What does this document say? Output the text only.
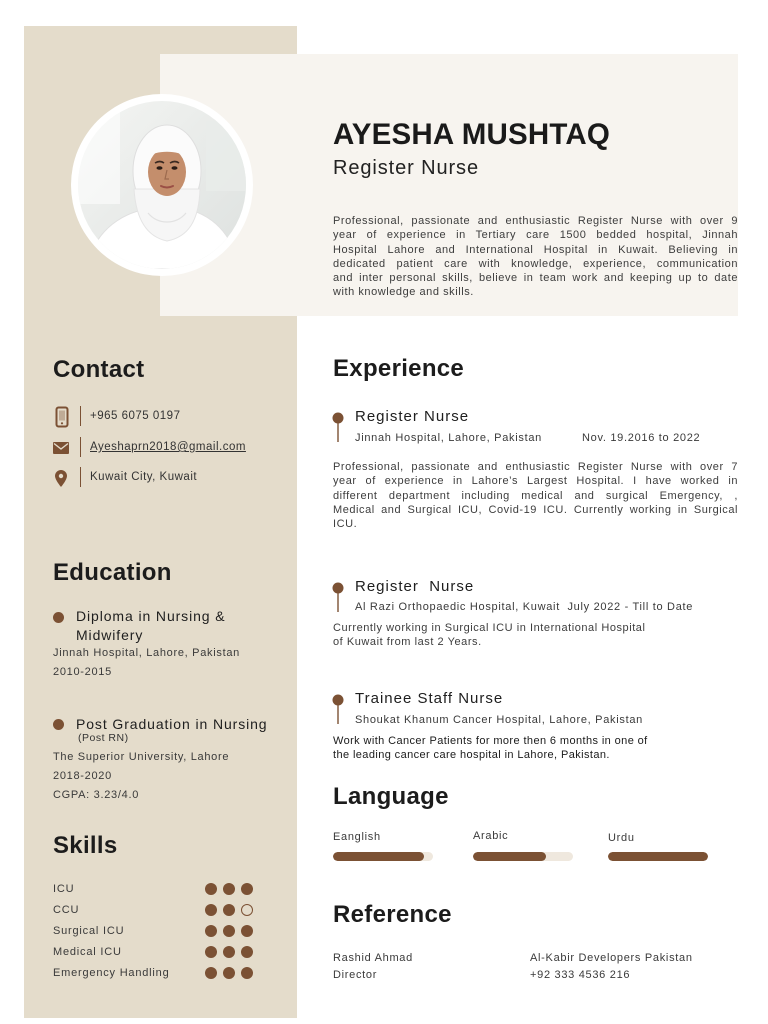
AYESHA MUSHTAQ
Register Nurse
Professional, passionate and enthusiastic Register Nurse with over 9
year of experience in Tertiary care 1500 bedded hospital, Jinnah
Hospital Lahore and International Hospital in Kuwait. Believing in
dedicated patient care with knowledge, experience, communication
and inter personal skills, believe in team work and keeping up to date
with knowledge and skills.
Contact
+965 6075 0197
Ayeshaprn2018@gmail.com
Kuwait City, Kuwait
Education
Diploma in Nursing &
Midwifery
Jinnah Hospital, Lahore, Pakistan
2010-2015
Post Graduation in Nursing
(Post RN)
The Superior University, Lahore
2018-2020
CGPA: 3.23/4.0
Skills
ICU
CCU
Surgical ICU
Medical ICU
Emergency Handling
Experience
Register Nurse
Jinnah Hospital, Lahore, Pakistan	Nov. 19.2016 to 2022
Professional, passionate and enthusiastic Register Nurse with over 7
year of experience in Lahore’s Largest Hospital. I have worked in
different department including medical and surgical Emergency, ,
Medical and Surgical ICU, Covid-19 ICU. Currently working in Surgical
ICU.
Register  Nurse
Al Razi Orthopaedic Hospital, Kuwait  July 2022 - Till to Date
Currently working in Surgical ICU in International Hospital
of Kuwait from last 2 Years.
Trainee Staff Nurse
Shoukat Khanum Cancer Hospital, Lahore, Pakistan
Work with Cancer Patients for more then 6 months in one of
the leading cancer care hospital in Lahore, Pakistan.
Language
Eanglish	Arabic	Urdu
Reference
Rashid Ahmad
Director
Al-Kabir Developers Pakistan
+92 333 4536 216
